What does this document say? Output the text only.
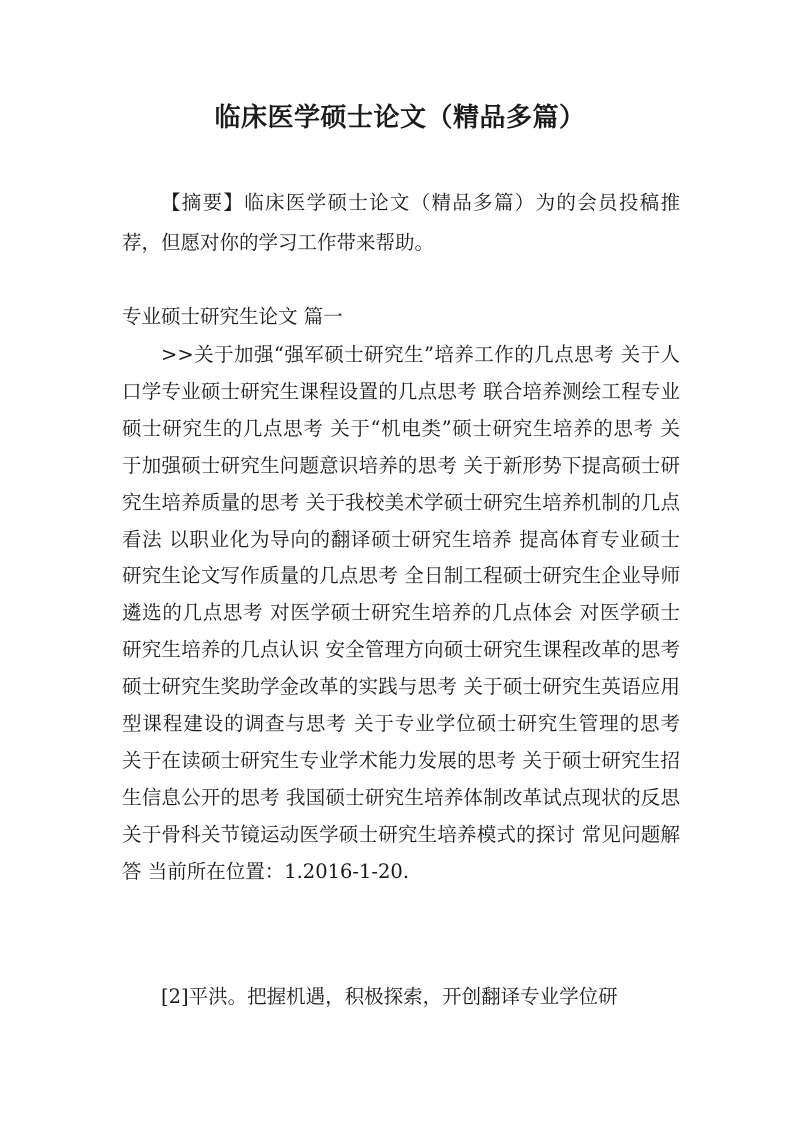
临床医学硕士论文（精品多篇）

【摘要】临床医学硕士论文（精品多篇）为的会员投稿推荐，但愿对你的学习工作带来帮助。

专业硕士研究生论文 篇一

>>关于加强“强军硕士研究生”培养工作的几点思考 关于人口学专业硕士研究生课程设置的几点思考 联合培养测绘工程专业硕士研究生的几点思考 关于“机电类”硕士研究生培养的思考 关于加强硕士研究生问题意识培养的思考 关于新形势下提高硕士研究生培养质量的思考 关于我校美术学硕士研究生培养机制的几点看法 以职业化为导向的翻译硕士研究生培养 提高体育专业硕士研究生论文写作质量的几点思考 全日制工程硕士研究生企业导师遴选的几点思考 对医学硕士研究生培养的几点体会 对医学硕士研究生培养的几点认识 安全管理方向硕士研究生课程改革的思考 硕士研究生奖助学金改革的实践与思考 关于硕士研究生英语应用型课程建设的调查与思考 关于专业学位硕士研究生管理的思考 关于在读硕士研究生专业学术能力发展的思考 关于硕士研究生招生信息公开的思考 我国硕士研究生培养体制改革试点现状的反思 关于骨科关节镜运动医学硕士研究生培养模式的探讨 常见问题解答 当前所在位置：1.2016-1-20.

[2]平洪。把握机遇，积极探索，开创翻译专业学位研
